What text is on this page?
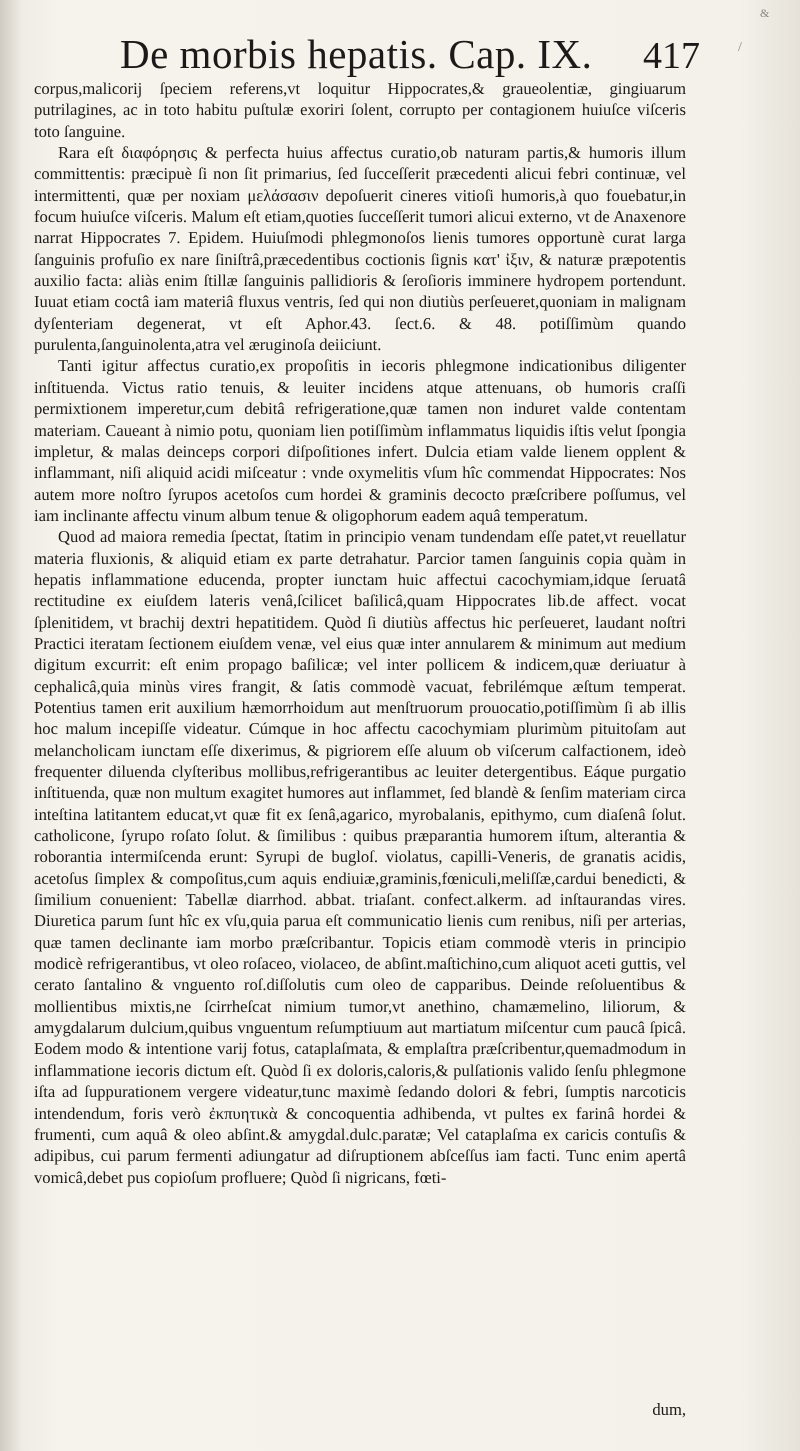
&
/
De morbis hepatis. Cap. IX. 417

corpus,malicorij ſpeciem referens,vt loquitur Hippocrates,& graueolentiæ, gingiuarum putrilagines, ac in toto habitu puſtulæ exoriri ſolent, corrupto per contagionem huiuſce viſceris toto ſanguine.

Rara eſt διαφόρησις & perfecta huius affectus curatio,ob naturam partis,& humoris illum committentis: præcipuè ſi non ſit primarius, ſed ſucceſſerit præcedenti alicui febri continuæ, vel intermittenti, quæ per noxiam μελάσασιν depoſuerit cineres vitioſi humoris,à quo fouebatur,in focum huiuſce viſceris. Malum eſt etiam,quoties ſucceſſerit tumori alicui externo, vt de Anaxenore narrat Hippocrates 7. Epidem. Huiuſmodi phlegmonoſos lienis tumores opportunè curat larga ſanguinis profuſio ex nare ſiniſtrâ,præcedentibus coctionis ſignis κατ' ἰξιν, & naturæ præpotentis auxilio facta: aliàs enim ſtillæ ſanguinis pallidioris & ſeroſioris imminere hydropem portendunt. Iuuat etiam coctâ iam materiâ fluxus ventris, ſed qui non diutiùs perſeueret,quoniam in malignam dyſenteriam degenerat, vt eſt Aphor.43. ſect.6. & 48. potiſſimùm quando purulenta,ſanguinolenta,atra vel æruginoſa deiiciunt.

Tanti igitur affectus curatio,ex propoſitis in iecoris phlegmone indicationibus diligenter inſtituenda. Victus ratio tenuis, & leuiter incidens atque attenuans, ob humoris craſſi permixtionem imperetur,cum debitâ refrigeratione,quæ tamen non induret valde contentam materiam. Caueant à nimio potu, quoniam lien potiſſimùm inflammatus liquidis iſtis velut ſpongia impletur, & malas deinceps corpori diſpoſitiones infert. Dulcia etiam valde lienem opplent & inflammant, niſi aliquid acidi miſceatur : vnde oxymelitis vſum hîc commendat Hippocrates: Nos autem more noſtro ſyrupos acetoſos cum hordei & graminis decocto præſcribere poſſumus, vel iam inclinante affectu vinum album tenue & oligophorum eadem aquâ temperatum.

Quod ad maiora remedia ſpectat, ſtatim in principio venam tundendam eſſe patet,vt reuellatur materia fluxionis, & aliquid etiam ex parte detrahatur. Parcior tamen ſanguinis copia quàm in hepatis inflammatione educenda, propter iunctam huic affectui cacochymiam,idque ſeruatâ rectitudine ex eiuſdem lateris venâ,ſcilicet baſilicâ,quam Hippocrates lib.de affect. vocat ſplenitidem, vt brachij dextri hepatitidem. Quòd ſi diutiùs affectus hic perſeueret, laudant noſtri Practici iteratam ſectionem eiuſdem venæ, vel eius quæ inter annularem & minimum aut medium digitum excurrit: eſt enim propago baſilicæ; vel inter pollicem & indicem,quæ deriuatur à cephalicâ,quia minùs vires frangit, & ſatis commodè vacuat, febrilémque æſtum temperat. Potentius tamen erit auxilium hæmorrhoidum aut menſtruorum prouocatio,potiſſimùm ſi ab illis hoc malum incepiſſe videatur. Cúmque in hoc affectu cacochymiam plurimùm pituitoſam aut melancholicam iunctam eſſe dixerimus, & pigriorem eſſe aluum ob viſcerum calfactionem, ideò frequenter diluenda clyſteribus mollibus,refrigerantibus ac leuiter detergentibus. Eáque purgatio inſtituenda, quæ non multum exagitet humores aut inflammet, ſed blandè & ſenſim materiam circa inteſtina latitantem educat,vt quæ fit ex ſenâ,agarico, myrobalanis, epithymo, cum diaſenâ ſolut. catholicone, ſyrupo roſato ſolut. & ſimilibus : quibus præparantia humorem iſtum, alterantia & roborantia intermiſcenda erunt: Syrupi de bugloſ. violatus, capilli-Veneris, de granatis acidis, acetoſus ſimplex & compoſitus,cum aquis endiuiæ,graminis,fœniculi,meliſſæ,cardui benedicti, & ſimilium conuenient: Tabellæ diarrhod. abbat. triaſant. confect.alkerm. ad inſtaurandas vires. Diuretica parum ſunt hîc ex vſu,quia parua eſt communicatio lienis cum renibus, niſi per arterias, quæ tamen declinante iam morbo præſcribantur. Topicis etiam commodè vteris in principio modicè refrigerantibus, vt oleo roſaceo, violaceo, de abſint.maſtichino,cum aliquot aceti guttis, vel cerato ſantalino & vnguento roſ.diſſolutis cum oleo de capparibus. Deinde reſoluentibus & mollientibus mixtis,ne ſcirrheſcat nimium tumor,vt anethino, chamæmelino, liliorum, & amygdalarum dulcium,quibus vnguentum reſumptiuum aut martiatum miſcentur cum paucâ ſpicâ. Eodem modo & intentione varij fotus, cataplaſmata, & emplaſtra præſcribentur,quemadmodum in inflammatione iecoris dictum eſt. Quòd ſi ex doloris,caloris,& pulſationis valido ſenſu phlegmone iſta ad ſuppurationem vergere videatur,tunc maximè ſedando dolori & febri, ſumptis narcoticis intendendum, foris verò ἐκπυητικὰ & concoquentia adhibenda, vt pultes ex farinâ hordei & frumenti, cum aquâ & oleo abſint.& amygdal.dulc.paratæ; Vel cataplaſma ex caricis contuſis & adipibus, cui parum fermenti adiungatur ad diſruptionem abſceſſus iam facti. Tunc enim apertâ vomicâ,debet pus copioſum profluere; Quòd ſi nigricans, fœti-

dum,
